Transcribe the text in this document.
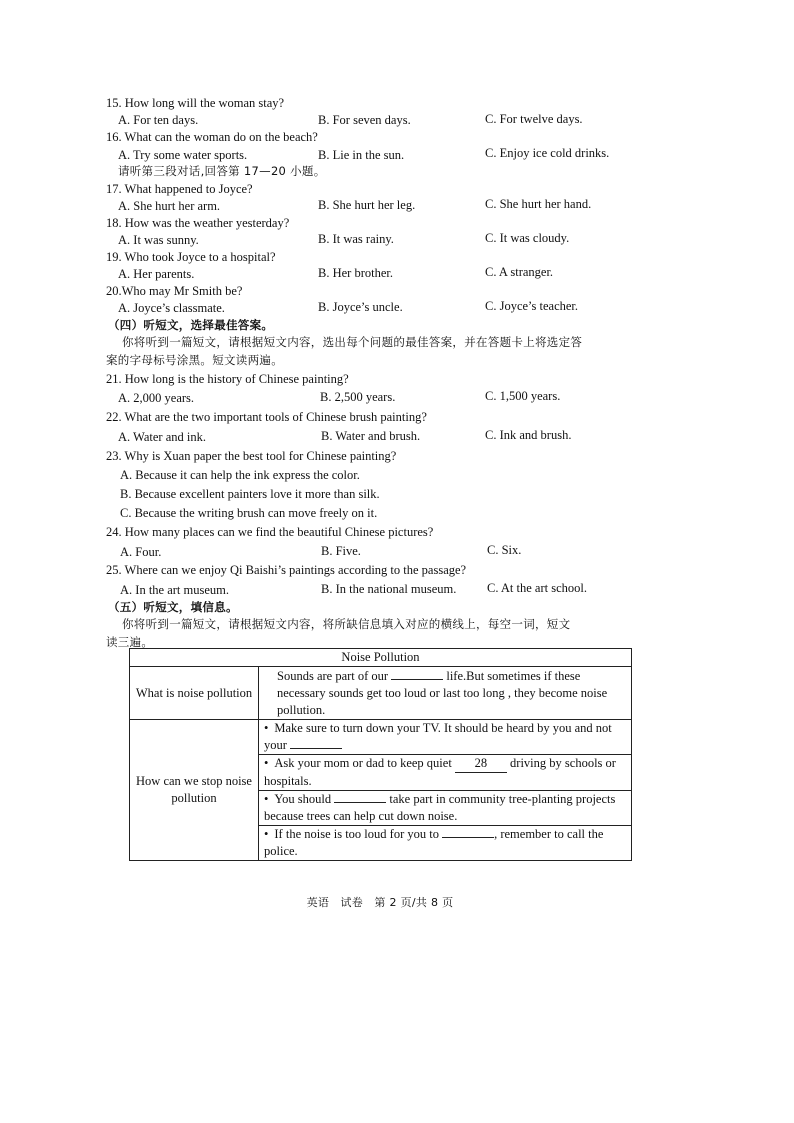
15. How long will the woman stay?
A. For ten days.	B. For seven days.	C. For twelve days.
16. What can the woman do on the beach?
A. Try some water sports.	B. Lie in the sun.	C. Enjoy ice cold drinks.
请听第三段对话,回答第 17—20 小题。
17. What happened to Joyce?
A. She hurt her arm.	B. She hurt her leg.	C. She hurt her hand.
18. How was the weather yesterday?
A. It was sunny.	B. It was rainy.	C. It was cloudy.
19. Who took Joyce to a hospital?
A. Her parents.	B. Her brother.	C. A stranger.
20.Who may Mr Smith be?
A. Joyce’s classmate.	B. Joyce’s uncle.	C. Joyce’s teacher.
（四）听短文，选择最佳答案。
你将听到一篇短文，请根据短文内容，选出每个问题的最佳答案，并在答题卡上将选定答
案的字母标号涂黑。短文读两遍。
21. How long is the history of Chinese painting?
A. 2,000 years.	B. 2,500 years.	C. 1,500 years.
22. What are the two important tools of Chinese brush painting?
A. Water and ink.	B. Water and brush.	C. Ink and brush.
23. Why is Xuan paper the best tool for Chinese painting?
A. Because it can help the ink express the color.
B. Because excellent painters love it more than silk.
C. Because the writing brush can move freely on it.
24. How many places can we find the beautiful Chinese pictures?
A. Four.	B. Five.	C. Six.
25. Where can we enjoy Qi Baishi’s paintings according to the passage?
A. In the art museum.	B. In the national museum. C. At the art school.
（五）听短文，填信息。
你将听到一篇短文，请根据短文内容，将所缺信息填入对应的横线上，每空一词，短文
读三遍。
Noise Pollution	
What is noise pollution	Sounds are part of our life.But sometimes if these necessary sounds get too loud or last too long , they become noise pollution.
How can we stop noise pollution	• Make sure to turn down your TV. It should be heard by you and not your
	• Ask your mom or dad to keep quiet 28 driving by schools or hospitals.
	• You should take part in community tree-planting projects because trees can help cut down noise.
	• If the noise is too loud for you to , remember to call the police.
英语　试卷　第 2 页/共 8 页
